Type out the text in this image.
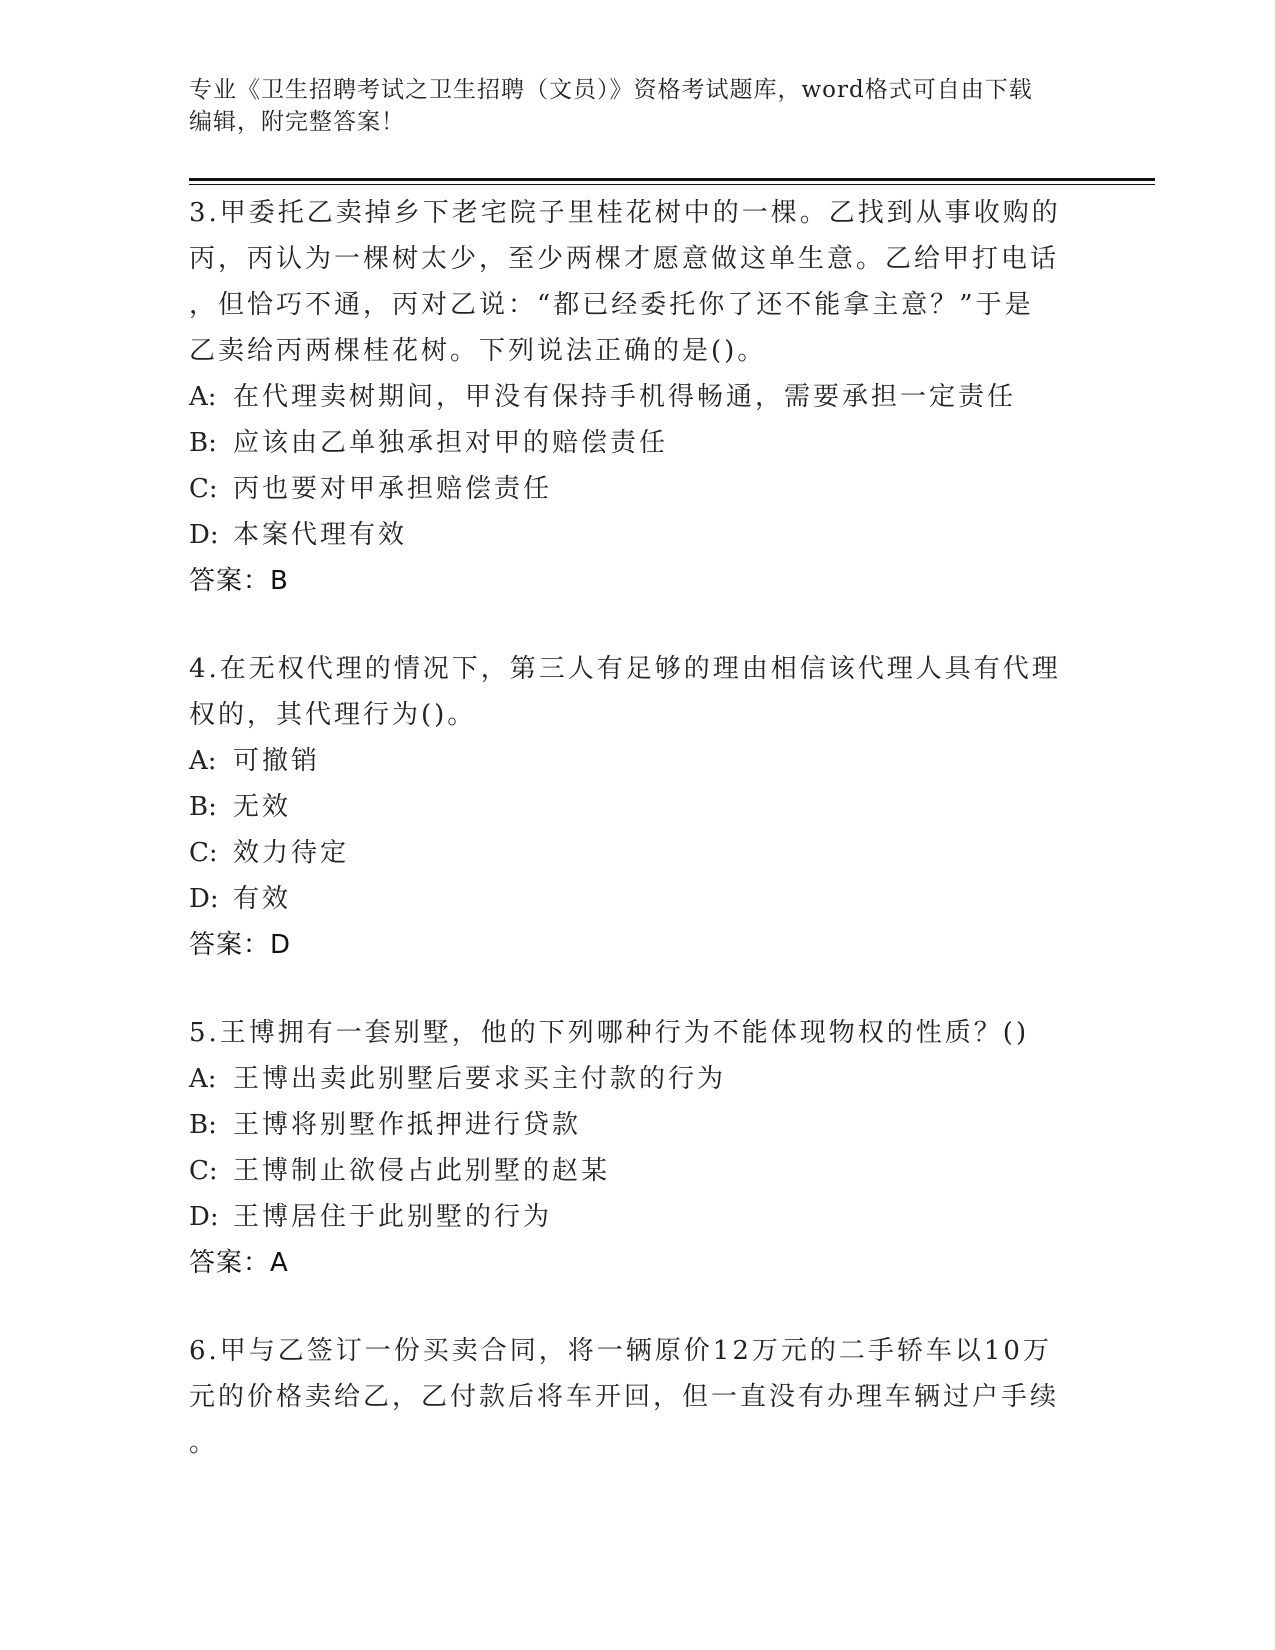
专业《卫生招聘考试之卫生招聘（文员）》资格考试题库，word格式可自由下载
编辑，附完整答案！
3.甲委托乙卖掉乡下老宅院子里桂花树中的一棵。乙找到从事收购的
丙，丙认为一棵树太少，至少两棵才愿意做这单生意。乙给甲打电话
，但恰巧不通，丙对乙说：“都已经委托你了还不能拿主意？”于是
乙卖给丙两棵桂花树。下列说法正确的是()。
A: 在代理卖树期间，甲没有保持手机得畅通，需要承担一定责任
B: 应该由乙单独承担对甲的赔偿责任
C: 丙也要对甲承担赔偿责任
D: 本案代理有效
答案：B
4.在无权代理的情况下，第三人有足够的理由相信该代理人具有代理
权的，其代理行为()。
A: 可撤销
B: 无效
C: 效力待定
D: 有效
答案：D
5.王博拥有一套别墅，他的下列哪种行为不能体现物权的性质？()
A: 王博出卖此别墅后要求买主付款的行为
B: 王博将别墅作抵押进行贷款
C: 王博制止欲侵占此别墅的赵某
D: 王博居住于此别墅的行为
答案：A
6.甲与乙签订一份买卖合同，将一辆原价12万元的二手轿车以10万
元的价格卖给乙，乙付款后将车开回，但一直没有办理车辆过户手续
。
